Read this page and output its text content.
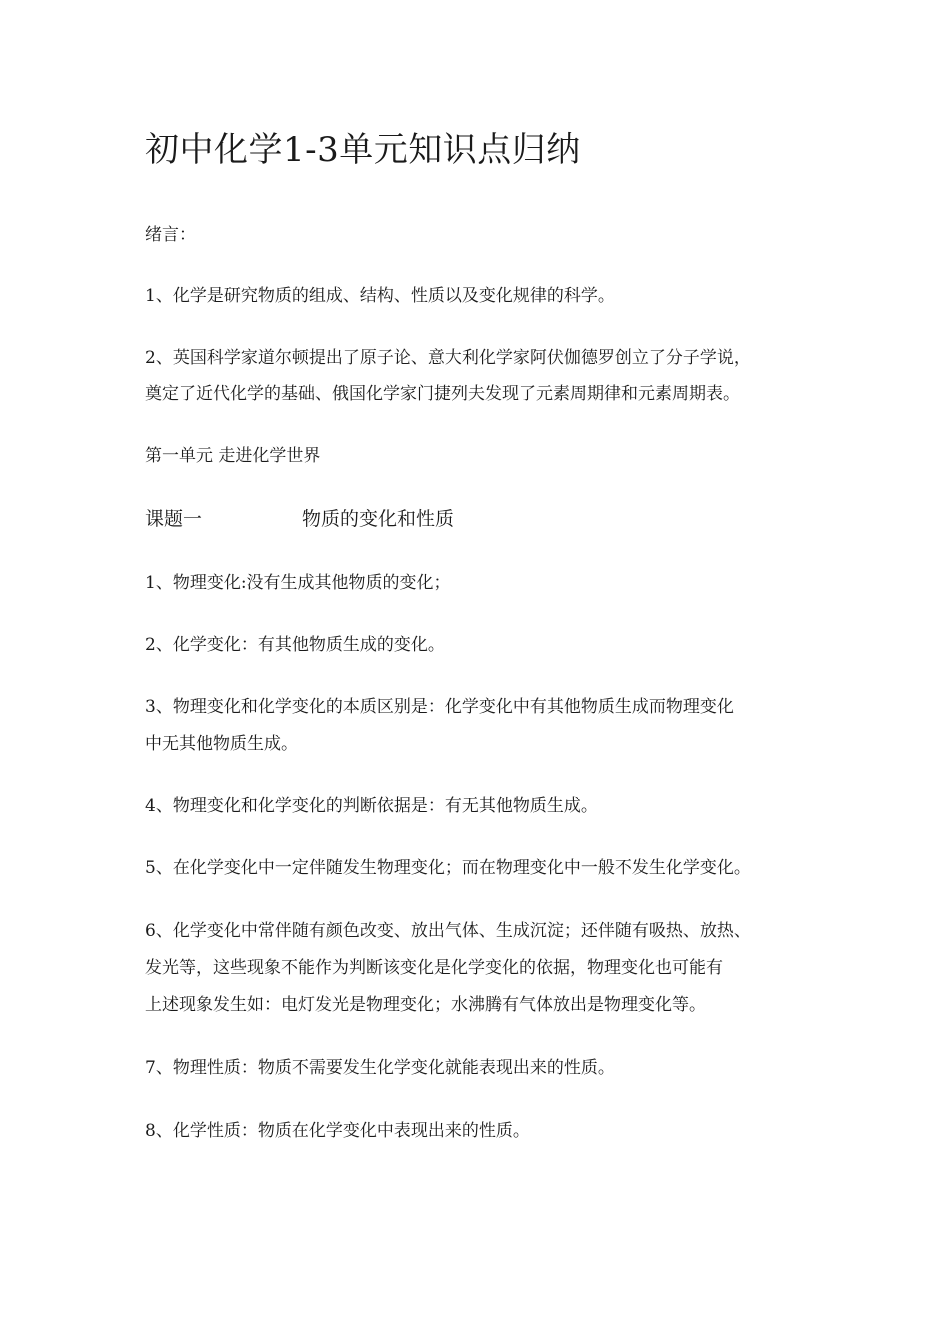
初中化学1-3单元知识点归纳

绪言：

1、化学是研究物质的组成、结构、性质以及变化规律的科学。

2、英国科学家道尔顿提出了原子论、意大利化学家阿伏伽德罗创立了分子学说，

奠定了近代化学的基础、俄国化学家门捷列夫发现了元素周期律和元素周期表。

第一单元 走进化学世界

课题一	物质的变化和性质

1、物理变化:没有生成其他物质的变化；

2、化学变化：有其他物质生成的变化。

3、物理变化和化学变化的本质区别是：化学变化中有其他物质生成而物理变化

中无其他物质生成。

4、物理变化和化学变化的判断依据是：有无其他物质生成。

5、在化学变化中一定伴随发生物理变化；而在物理变化中一般不发生化学变化。

6、化学变化中常伴随有颜色改变、放出气体、生成沉淀；还伴随有吸热、放热、

发光等，这些现象不能作为判断该变化是化学变化的依据，物理变化也可能有

上述现象发生如：电灯发光是物理变化；水沸腾有气体放出是物理变化等。

7、物理性质：物质不需要发生化学变化就能表现出来的性质。

8、化学性质：物质在化学变化中表现出来的性质。
